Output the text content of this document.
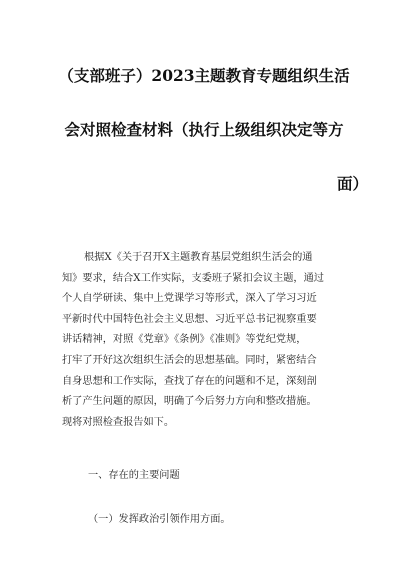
（支部班子）2023主题教育专题组织生活
会对照检查材料（执行上级组织决定等方
面）
根据X《关于召开X主题教育基层党组织生活会的通
知》要求，结合X工作实际，支委班子紧扣会议主题，通过
个人自学研读、集中上党课学习等形式，深入了学习习近
平新时代中国特色社会主义思想、习近平总书记视察重要
讲话精神，对照《党章》《条例》《准则》等党纪党规，
打牢了开好这次组织生活会的思想基础。同时，紧密结合
自身思想和工作实际，查找了存在的问题和不足，深刻剖
析了产生问题的原因，明确了今后努力方向和整改措施。
现将对照检查报告如下。
一、存在的主要问题
（一）发挥政治引领作用方面。
